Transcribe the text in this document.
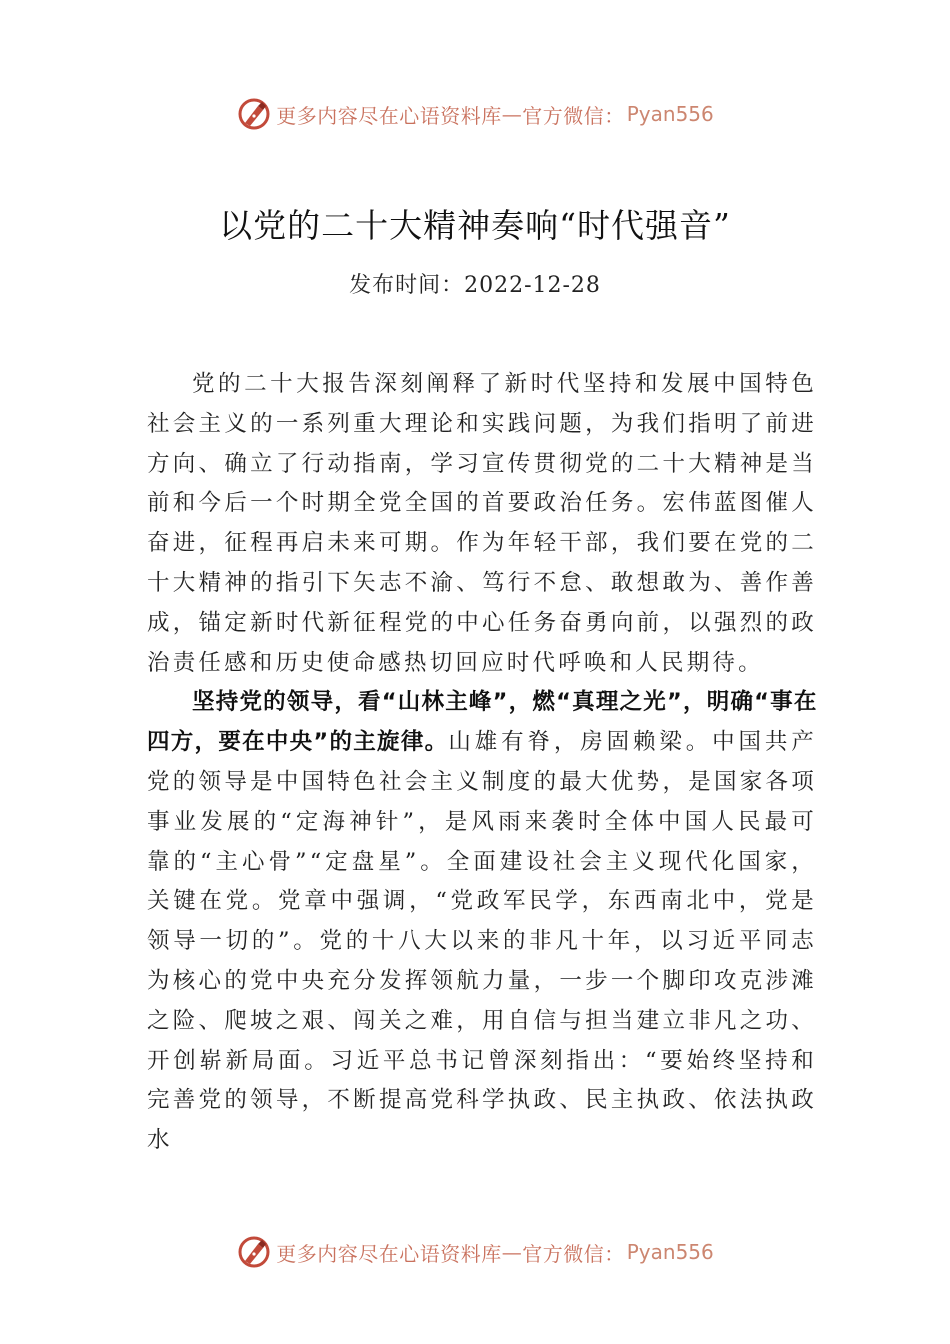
更多内容尽在心语资料库 — 官方微信： Pyan556
以党的二十大精神奏响“时代强音”
发布时间：2022-12-28

党的二十大报告深刻阐释了新时代坚持和发展中国特色社会主义的一系列重大理论和实践问题，为我们指明了前进方向、确立了行动指南，学习宣传贯彻党的二十大精神是当前和今后一个时期全党全国的首要政治任务。宏伟蓝图催人奋进，征程再启未来可期。作为年轻干部，我们要在党的二十大精神的指引下矢志不渝、笃行不怠、敢想敢为、善作善成，锚定新时代新征程党的中心任务奋勇向前，以强烈的政治责任感和历史使命感热切回应时代呼唤和人民期待。

坚持党的领导，看“山林主峰”，燃“真理之光”，明确“事在四方，要在中央”的主旋律。山雄有脊，房固赖梁。中国共产党的领导是中国特色社会主义制度的最大优势，是国家各项事业发展的“定海神针”，是风雨来袭时全体中国人民最可靠的“主心骨”“定盘星”。全面建设社会主义现代化国家，关键在党。党章中强调，“党政军民学，东西南北中，党是领导一切的”。党的十八大以来的非凡十年，以习近平同志为核心的党中央充分发挥领航力量，一步一个脚印攻克涉滩之险、爬坡之艰、闯关之难，用自信与担当建立非凡之功、开创崭新局面。习近平总书记曾深刻指出：“要始终坚持和完善党的领导，不断提高党科学执政、民主执政、依法执政水
更多内容尽在心语资料库 — 官方微信： Pyan556
